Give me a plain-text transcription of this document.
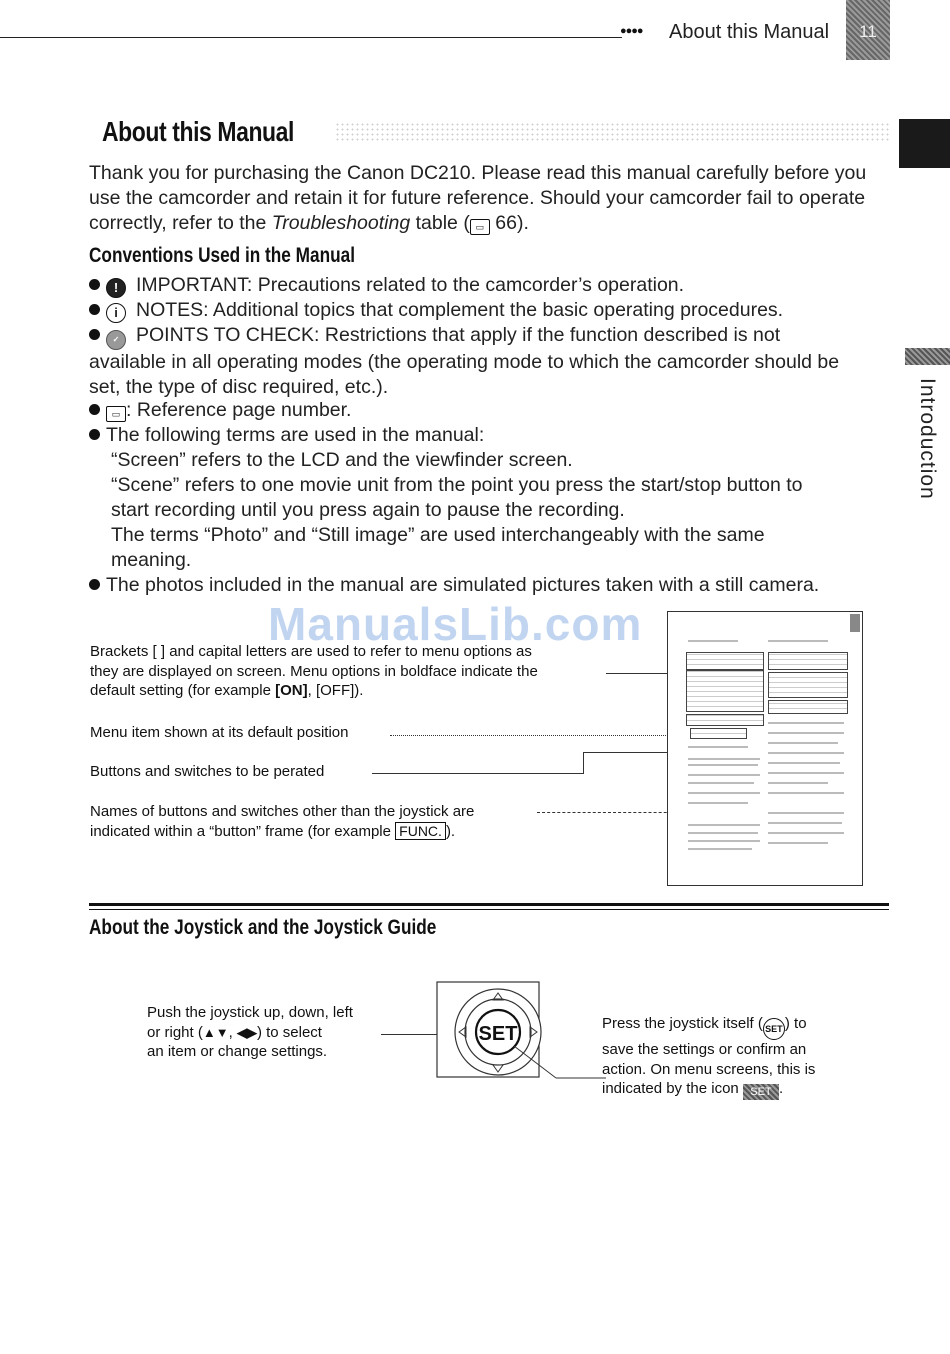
●●●● About this Manual	11
Introduction
About this Manual
Thank you for purchasing the Canon DC210. Please read this manual carefully before you use the camcorder and retain it for future reference. Should your camcorder fail to operate correctly, refer to the Troubleshooting table ( ▭ 66).
Conventions Used in the Manual
! IMPORTANT: Precautions related to the camcorder’s operation.
i NOTES: Additional topics that complement the basic operating procedures.
✓ POINTS TO CHECK: Restrictions that apply if the function described is not
available in all operating modes (the operating mode to which the camcorder should be
set, the type of disc required, etc.).
▭ : Reference page number.
The following terms are used in the manual:

“Screen” refers to the LCD and the viewfinder screen.
“Scene” refers to one movie unit from the point you press the start/stop button to
start recording until you press again to pause the recording.
The terms “Photo” and “Still image” are used interchangeably with the same
meaning.
The photos included in the manual are simulated pictures taken with a still camera.
ManualsLib.com
Brackets [ ] and capital letters are used to refer to menu options as
they are displayed on screen. Menu options in boldface indicate the
default setting (for example [ON], [OFF]).
Menu item shown at its default position
Buttons and switches to be perated
Names of buttons and switches other than the joystick are
indicated within a “button” frame (for example FUNC. ).
About the Joystick and the Joystick Guide
Push the joystick up, down, left
or right (▲▼, ◀▶) to select
an item or change settings.
SET	Press the joystick itself ( SET ) to
save the settings or confirm an
action. On menu screens, this is
indicated by the icon SET .
